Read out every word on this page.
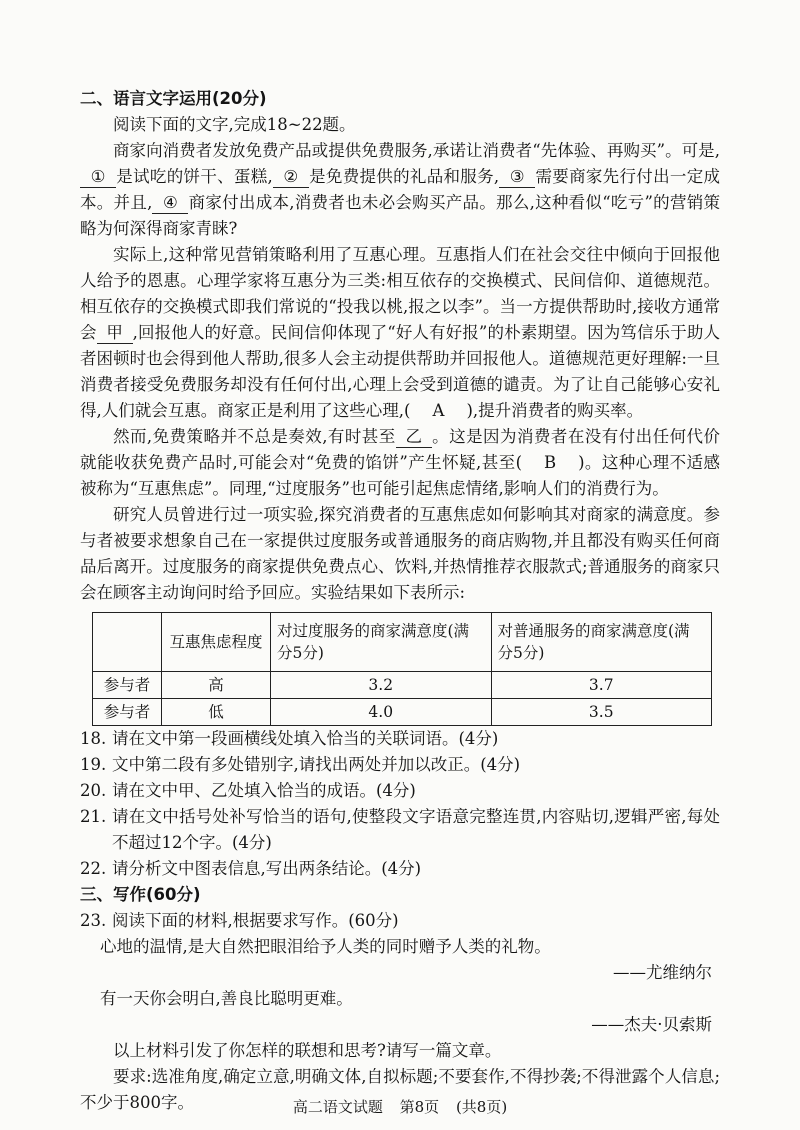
二、语言文字运用(20分)

阅读下面的文字,完成18~22题。

商家向消费者发放免费产品或提供免费服务,承诺让消费者“先体验、再购买”。可是,① 是试吃的饼干、蛋糕, ② 是免费提供的礼品和服务, ③ 需要商家先行付出一定成本。并且, ④ 商家付出成本,消费者也未必会购买产品。那么,这种看似“吃亏”的营销策略为何深得商家青睐?

实际上,这种常见营销策略利用了互惠心理。互惠指人们在社会交往中倾向于回报他人给予的恩惠。心理学家将互惠分为三类:相互依存的交换模式、民间信仰、道德规范。相互依存的交换模式即我们常说的“投我以桃,报之以李”。当一方提供帮助时,接收方通常会 甲 ,回报他人的好意。民间信仰体现了“好人有好报”的朴素期望。因为笃信乐于助人者困顿时也会得到他人帮助,很多人会主动提供帮助并回报他人。道德规范更好理解:一旦消费者接受免费服务却没有任何付出,心理上会受到道德的谴责。为了让自己能够心安礼得,人们就会互惠。商家正是利用了这些心理,( A ),提升消费者的购买率。

然而,免费策略并不总是奏效,有时甚至 乙 。这是因为消费者在没有付出任何代价就能收获免费产品时,可能会对“免费的馅饼”产生怀疑,甚至( B )。这种心理不适感被称为“互惠焦虑”。同理,“过度服务”也可能引起焦虑情绪,影响人们的消费行为。

研究人员曾进行过一项实验,探究消费者的互惠焦虑如何影响其对商家的满意度。参与者被要求想象自己在一家提供过度服务或普通服务的商店购物,并且都没有购买任何商品后离开。过度服务的商家提供免费点心、饮料,并热情推荐衣服款式;普通服务的商家只会在顾客主动询问时给予回应。实验结果如下表所示:

	互惠焦虑程度	对过度服务的商家满意度(满分5分)	对普通服务的商家满意度(满分5分)
参与者	高	3.2	3.7
参与者	低	4.0	3.5
18. 请在文中第一段画横线处填入恰当的关联词语。(4分)
19. 文中第二段有多处错别字,请找出两处并加以改正。(4分)
20. 请在文中甲、乙处填入恰当的成语。(4分)
21. 请在文中括号处补写恰当的语句,使整段文字语意完整连贯,内容贴切,逻辑严密,每处不超过12个字。(4分)
22. 请分析文中图表信息,写出两条结论。(4分)
三、写作(60分)
23. 阅读下面的材料,根据要求写作。(60分)

心地的温情,是大自然把眼泪给予人类的同时赠予人类的礼物。

——尤维纳尔

有一天你会明白,善良比聪明更难。

——杰夫·贝索斯

以上材料引发了你怎样的联想和思考?请写一篇文章。

要求:选准角度,确定立意,明确文体,自拟标题;不要套作,不得抄袭;不得泄露个人信息;不少于800字。	高二语文试题 第8页 (共8页)
